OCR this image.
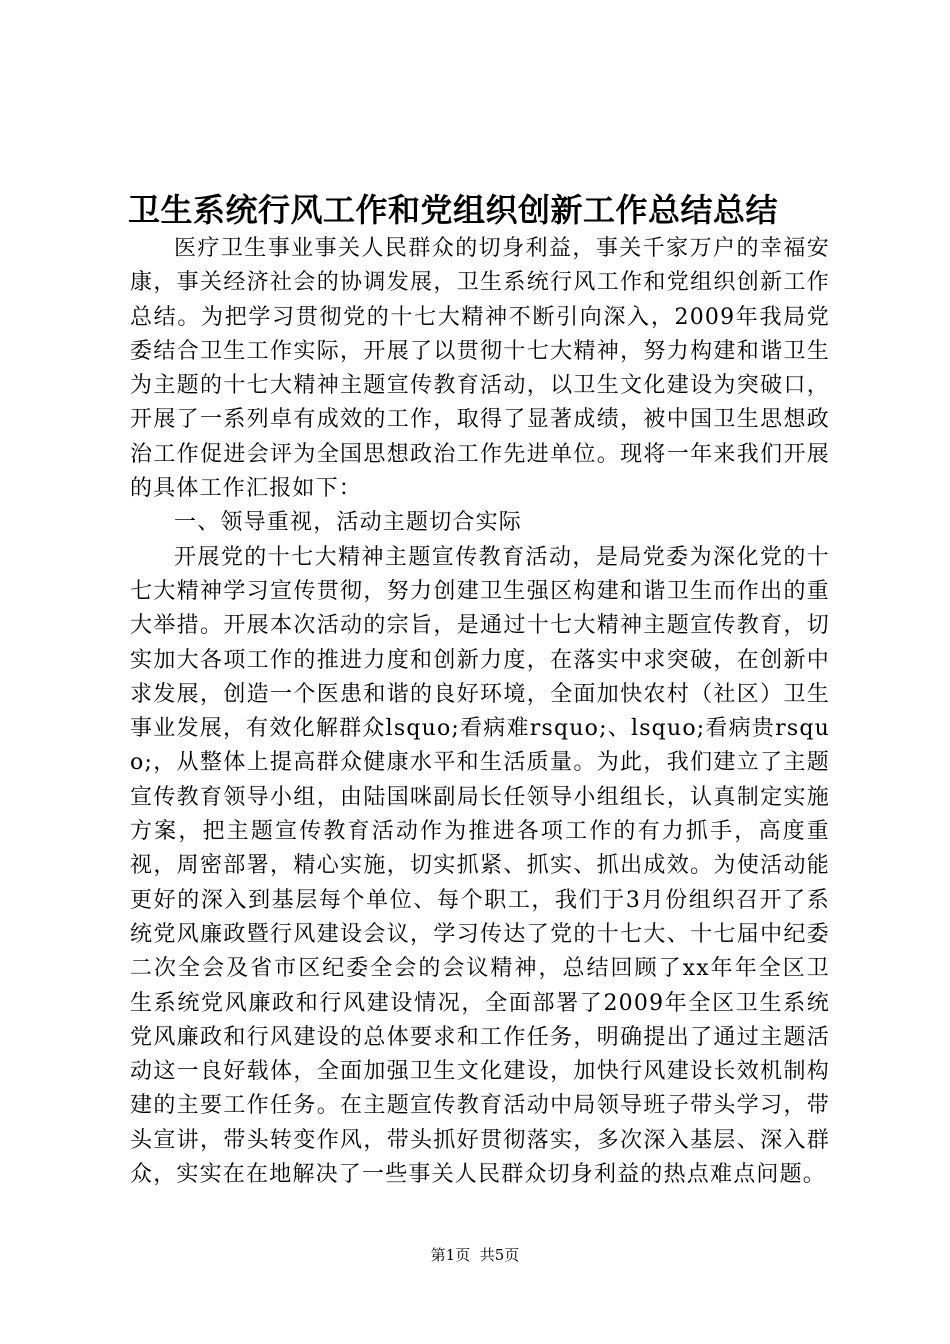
卫生系统行风工作和党组织创新工作总结总结

医疗卫生事业事关人民群众的切身利益，事关千家万户的幸福安康，事关经济社会的协调发展，卫生系统行风工作和党组织创新工作总结。为把学习贯彻党的十七大精神不断引向深入，2009年我局党委结合卫生工作实际，开展了以贯彻十七大精神，努力构建和谐卫生为主题的十七大精神主题宣传教育活动，以卫生文化建设为突破口，开展了一系列卓有成效的工作，取得了显著成绩，被中国卫生思想政治工作促进会评为全国思想政治工作先进单位。现将一年来我们开展的具体工作汇报如下：

一、领导重视，活动主题切合实际

开展党的十七大精神主题宣传教育活动，是局党委为深化党的十七大精神学习宣传贯彻，努力创建卫生强区构建和谐卫生而作出的重大举措。开展本次活动的宗旨，是通过十七大精神主题宣传教育，切实加大各项工作的推进力度和创新力度，在落实中求突破，在创新中求发展，创造一个医患和谐的良好环境，全面加快农村（社区）卫生事业发展，有效化解群众lsquo;看病难rsquo;、lsquo;看病贵rsquo;，从整体上提高群众健康水平和生活质量。为此，我们建立了主题宣传教育领导小组，由陆国咪副局长任领导小组组长，认真制定实施方案，把主题宣传教育活动作为推进各项工作的有力抓手，高度重视，周密部署，精心实施，切实抓紧、抓实、抓出成效。为使活动能更好的深入到基层每个单位、每个职工，我们于3月份组织召开了系统党风廉政暨行风建设会议，学习传达了党的十七大、十七届中纪委二次全会及省市区纪委全会的会议精神，总结回顾了xx年年全区卫生系统党风廉政和行风建设情况，全面部署了2009年全区卫生系统党风廉政和行风建设的总体要求和工作任务，明确提出了通过主题活动这一良好载体，全面加强卫生文化建设，加快行风建设长效机制构建的主要工作任务。在主题宣传教育活动中局领导班子带头学习，带头宣讲，带头转变作风，带头抓好贯彻落实，多次深入基层、深入群众，实实在在地解决了一些事关人民群众切身利益的热点难点问题。

第1页 共5页
